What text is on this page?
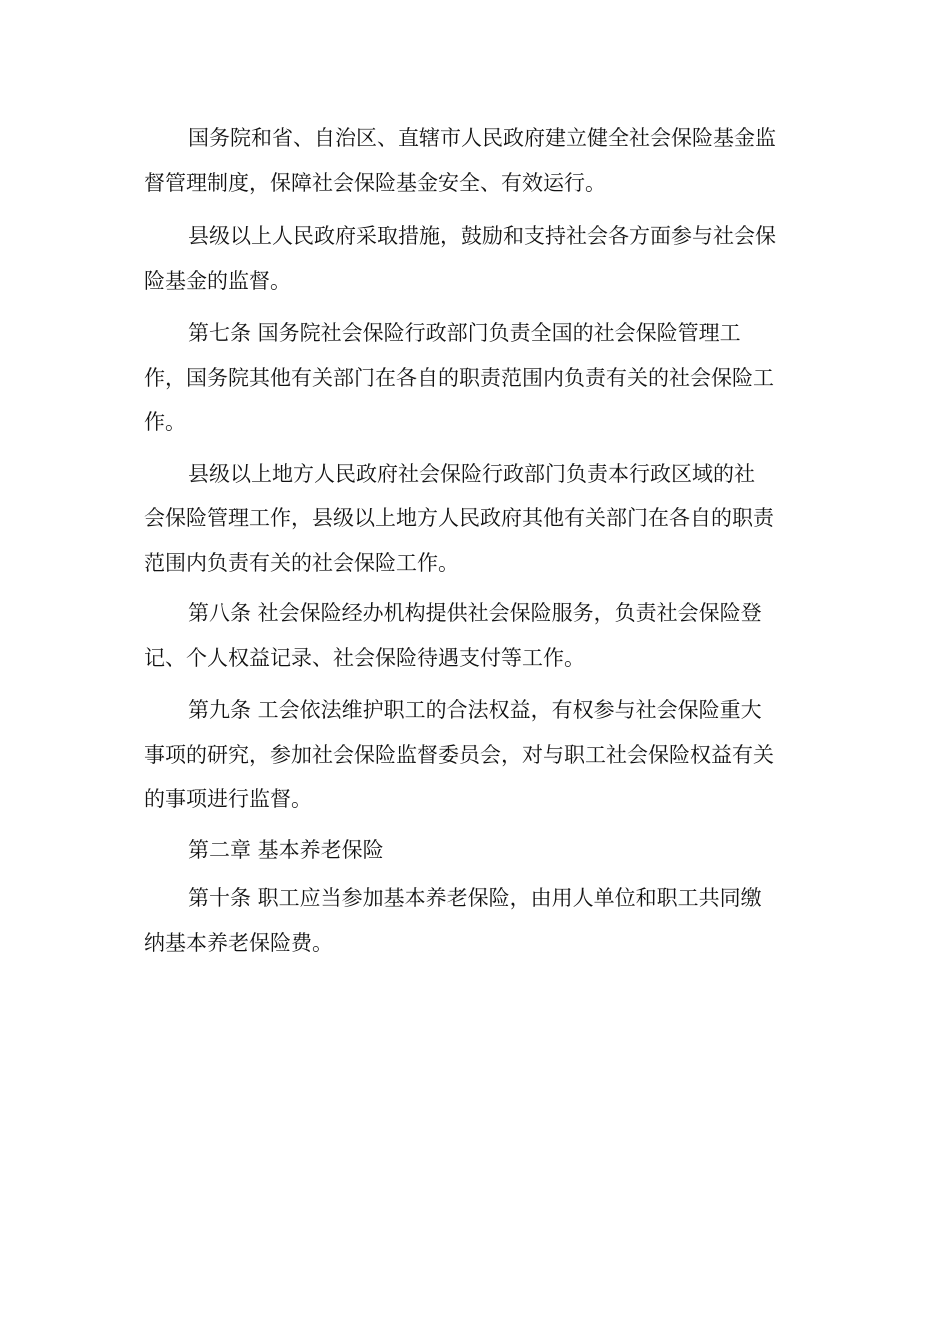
国务院和省、自治区、直辖市人民政府建立健全社会保险基金监
督管理制度，保障社会保险基金安全、有效运行。

县级以上人民政府采取措施，鼓励和支持社会各方面参与社会保
险基金的监督。

第七条 国务院社会保险行政部门负责全国的社会保险管理工
作，国务院其他有关部门在各自的职责范围内负责有关的社会保险工
作。

县级以上地方人民政府社会保险行政部门负责本行政区域的社
会保险管理工作，县级以上地方人民政府其他有关部门在各自的职责
范围内负责有关的社会保险工作。

第八条 社会保险经办机构提供社会保险服务，负责社会保险登
记、个人权益记录、社会保险待遇支付等工作。

第九条 工会依法维护职工的合法权益，有权参与社会保险重大
事项的研究，参加社会保险监督委员会，对与职工社会保险权益有关
的事项进行监督。

第二章 基本养老保险

第十条 职工应当参加基本养老保险，由用人单位和职工共同缴
纳基本养老保险费。
